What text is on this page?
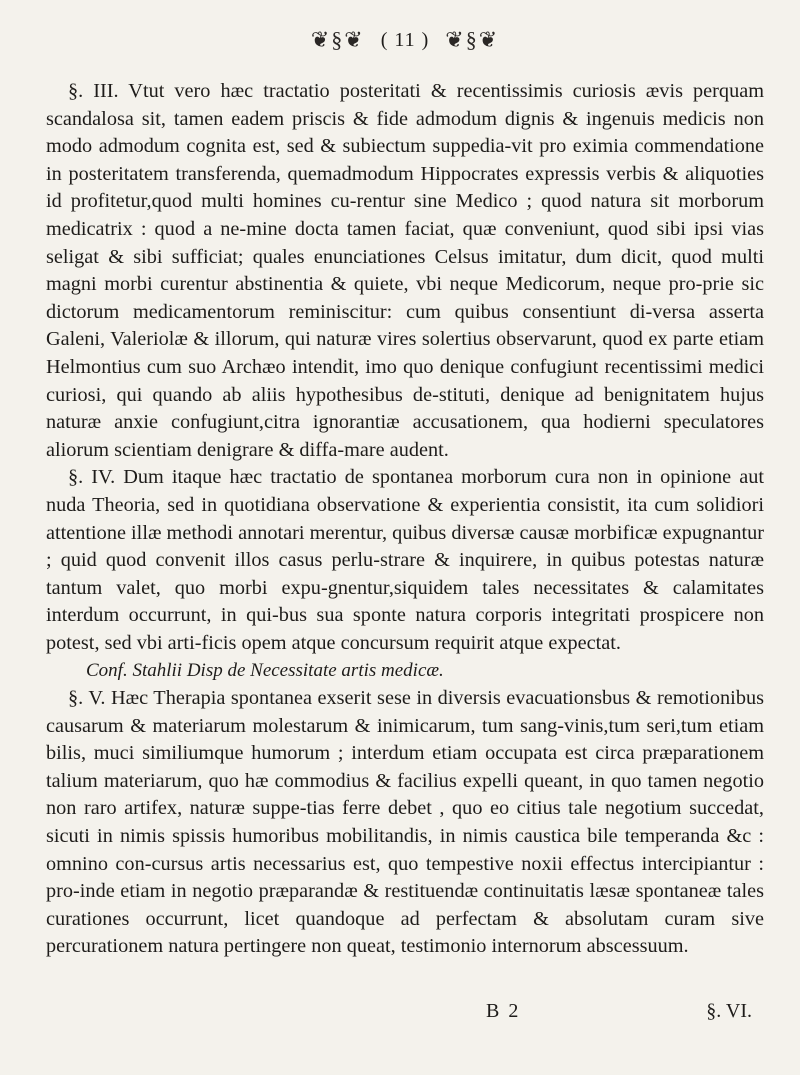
❦§❦ ( 11 ) ❦§❦

§. III. Vtut vero hæc tractatio posteritati & recentissimis curiosis ævis perquam scandalosa sit, tamen eadem priscis & fide admodum dignis & ingenuis medicis non modo admodum cognita est, sed & subiectum suppedia-vit pro eximia commendatione in posteritatem transferenda, quemadmodum Hippocrates expressis verbis & aliquoties id profitetur,quod multi homines cu-rentur sine Medico ; quod natura sit morborum medicatrix : quod a ne-mine docta tamen faciat, quæ conveniunt, quod sibi ipsi vias seligat & sibi sufficiat; quales enunciationes Celsus imitatur, dum dicit, quod multi magni morbi curentur abstinentia & quiete, vbi neque Medicorum, neque pro-prie sic dictorum medicamentorum reminiscitur: cum quibus consentiunt di-versa asserta Galeni, Valeriolæ & illorum, qui naturæ vires solertius observarunt, quod ex parte etiam Helmontius cum suo Archæo intendit, imo quo denique confugiunt recentissimi medici curiosi, qui quando ab aliis hypothesibus de-stituti, denique ad benignitatem hujus naturæ anxie confugiunt,citra ignorantiæ accusationem, qua hodierni speculatores aliorum scientiam denigrare & diffa-mare audent.

§. IV. Dum itaque hæc tractatio de spontanea morborum cura non in opinione aut nuda Theoria, sed in quotidiana observatione & experientia consistit, ita cum solidiori attentione illæ methodi annotari merentur, quibus diversæ causæ morbificæ expugnantur ; quid quod convenit illos casus perlu-strare & inquirere, in quibus potestas naturæ tantum valet, quo morbi expu-gnentur,siquidem tales necessitates & calamitates interdum occurrunt, in qui-bus sua sponte natura corporis integritati prospicere non potest, sed vbi arti-ficis opem atque concursum requirit atque expectat.

Conf. Stahlii Disp de Necessitate artis medicæ.

§. V. Hæc Therapia spontanea exserit sese in diversis evacuationsbus & remotionibus causarum & materiarum molestarum & inimicarum, tum sang-vinis,tum seri,tum etiam bilis, muci similiumque humorum ; interdum etiam occupata est circa præparationem talium materiarum, quo hæ commodius & facilius expelli queant, in quo tamen negotio non raro artifex, naturæ suppe-tias ferre debet , quo eo citius tale negotium succedat, sicuti in nimis spissis humoribus mobilitandis, in nimis caustica bile temperanda &c : omnino con-cursus artis necessarius est, quo tempestive noxii effectus intercipiantur : pro-inde etiam in negotio præparandæ & restituendæ continuitatis læsæ spontaneæ tales curationes occurrunt, licet quandoque ad perfectam & absolutam curam sive percurationem natura pertingere non queat, testimonio internorum abscessuum.

B 2	§. VI.
